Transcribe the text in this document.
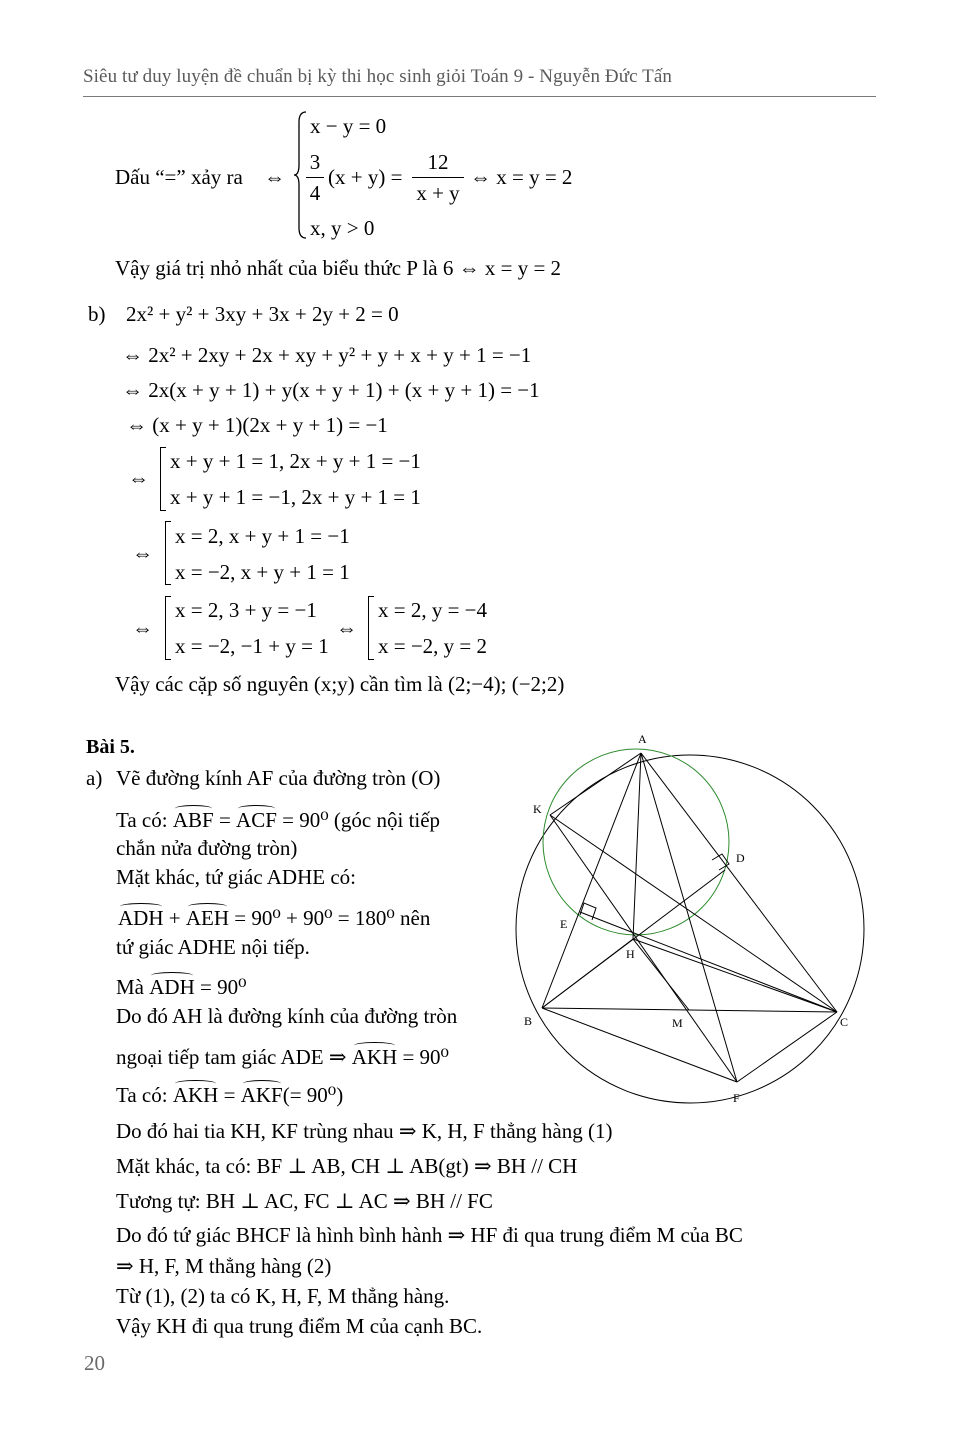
Siêu tư duy luyện đề chuẩn bị kỳ thi học sinh giỏi Toán 9 - Nguyễn Đức Tấn
Dấu “=” xảy ra ⇔
x − y = 0
$\frac{3}{4} (x + y) = \frac{12}{x + y}$ ⇔ x = y = 2
x, y > 0
Vậy giá trị nhỏ nhất của biểu thức P là 6 ⇔ x = y = 2
b) 2x² + y² + 3xy + 3x + 2y + 2 = 0
⇔ 2x² + 2xy + 2x + xy + y² + y + x + y + 1 = −1
⇔ 2x(x + y + 1) + y(x + y + 1) + (x + y + 1) = −1
⇔ (x + y + 1)(2x + y + 1) = −1
⇔
x + y + 1 = 1, 2x + y + 1 = −1
x + y + 1 = −1, 2x + y + 1 = 1
⇔
x = 2, x + y + 1 = −1
x = −2, x + y + 1 = 1
⇔
x = 2, 3 + y = −1
x = −2, −1 + y = 1
⇔
x = 2, y = −4
x = −2, y = 2
Vậy các cặp số nguyên (x;y) cần tìm là (2;−4); (−2;2)
Bài 5.
a) Vẽ đường kính AF của đường tròn (O)
Ta có: ABF = ACF = 90⁰ (góc nội tiếp
chắn nửa đường tròn)
Mặt khác, tứ giác ADHE có:
ADH + AEH = 90⁰ + 90⁰ = 180⁰ nên
tứ giác ADHE nội tiếp.
Mà ADH = 90⁰
Do đó AH là đường kính của đường tròn
ngoại tiếp tam giác ADE ⇒ AKH = 90⁰
Ta có: AKH = AKF(= 90⁰)
Do đó hai tia KH, KF trùng nhau ⇒ K, H, F thẳng hàng (1)
Mặt khác, ta có: BF ⊥ AB, CH ⊥ AB(gt) ⇒ BH // CH
Tương tự: BH ⊥ AC, FC ⊥ AC ⇒ BH // FC
Do đó tứ giác BHCF là hình bình hành ⇒ HF đi qua trung điểm M của BC
⇒ H, F, M thẳng hàng (2)
Từ (1), (2) ta có K, H, F, M thẳng hàng.
Vậy KH đi qua trung điểm M của cạnh BC.
A
K
D
E
H
B	M	C
F
20
